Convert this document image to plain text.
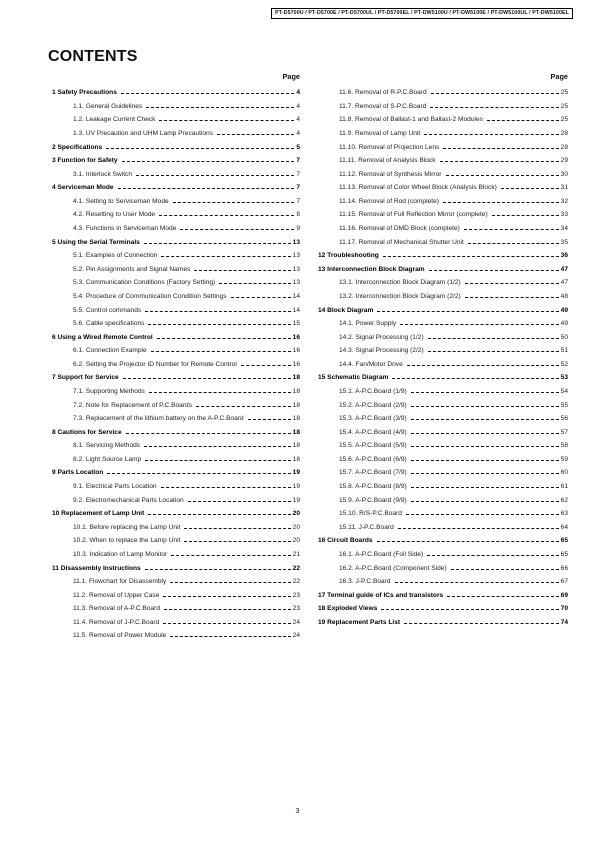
PT-D5700U / PT-D5700E / PT-D5700UL / PT-D5700EL / PT-DW5100U / PT-DW5100E / PT-DW5100UL / PT-DW5100EL
CONTENTS
Page
1 Safety Precautions	4
1.1. General Guidelines	4
1.2. Leakage Current Check	4
1.3. UV Precaution and UHM Lamp Precautions	4
2 Specifications	5
3 Function for Safety	7
3.1. Interlock Switch	7
4 Serviceman Mode	7
4.1. Setting to Serviceman Mode	7
4.2. Resetting to User Mode	8
4.3. Functions in Serviceman Mode	9
5 Using the Serial Terminals	13
5.1. Examples of Connection	13
5.2. Pin Assignments and Signal Names	13
5.3. Communication Conditions (Factory Setting)	13
5.4. Procedure of Communication Condition Settings	14
5.5. Control commands	14
5.6. Cable specifications	15
6 Using a Wired Remote Control	16
6.1. Connection Example	16
6.2. Setting the Projector ID Number for Remote Control	16
7 Support for Service	18
7.1. Supporting Methods	18
7.2. Note for Replacement of P.C.Boards	18
7.3. Replacement of the lithium battery on the A-P.C.Board	18
8 Cautions for Service	18
8.1. Servicing Methods	18
8.2. Light Source Lamp	18
9 Parts Location	19
9.1. Electrical Parts Location	19
9.2. Electromechanical Parts Location	19
10 Replacement of Lamp Unit	20
10.1. Before replacing the Lamp Unit	20
10.2. When to replace the Lamp Unit	20
10.3. Indication of Lamp Monitor	21
11 Disassembly Instructions	22
11.1. Flowchart for Disassembly	22
11.2. Removal of Upper Case	23
11.3. Removal of A-P.C.Board	23
11.4. Removal of J-P.C.Board	24
11.5. Removal of Power Module	24
Page
11.6. Removal of R-P.C.Board	25
11.7. Removal of S-P.C.Board	25
11.8. Removal of Ballast-1 and Ballast-2 Modules	25
11.9. Removal of Lamp Unit	28
11.10. Removal of Projection Lens	28
11.11. Removal of Analysis Block	29
11.12. Removal of Synthesis Mirror	30
11.13. Removal of Color Wheel Block (Analysis Block)	31
11.14. Removal of Rod (complete)	32
11.15. Removal of Full Reflection Mirror (complete)	33
11.16. Removal of DMD Block (complete)	34
11.17. Removal of Mechanical Shutter Unit	35
12 Troubleshooting	36
13 Interconnection Block Diagram	47
13.1. Interconnection Block Diagram (1/2)	47
13.2. Interconnection Block Diagram (2/2)	48
14 Block Diagram	49
14.1. Power Supply	49
14.2. Signal Processing (1/2)	50
14.3. Signal Processing (2/2)	51
14.4. Fan/Motor Drive	52
15 Schematic Diagram	53
15.1. A-P.C.Board (1/9)	54
15.2. A-P.C.Board (2/9)	55
15.3. A-P.C.Board (3/9)	56
15.4. A-P.C.Board (4/9)	57
15.5. A-P.C.Board (5/9)	58
15.6. A-P.C.Board (6/9)	59
15.7. A-P.C.Board (7/9)	60
15.8. A-P.C.Board (8/9)	61
15.9. A-P.C.Board (9/9)	62
15.10. R/S-P.C.Board	63
15.11. J-P.C.Board	64
16 Circuit Boards	65
16.1. A-P.C.Board (Foil Side)	65
16.2. A-P.C.Board (Component Side)	66
16.3. J-P.C.Board	67
17 Terminal guide of ICs and transistors	69
18 Exploded Views	70
19 Replacement Parts List	74
3
